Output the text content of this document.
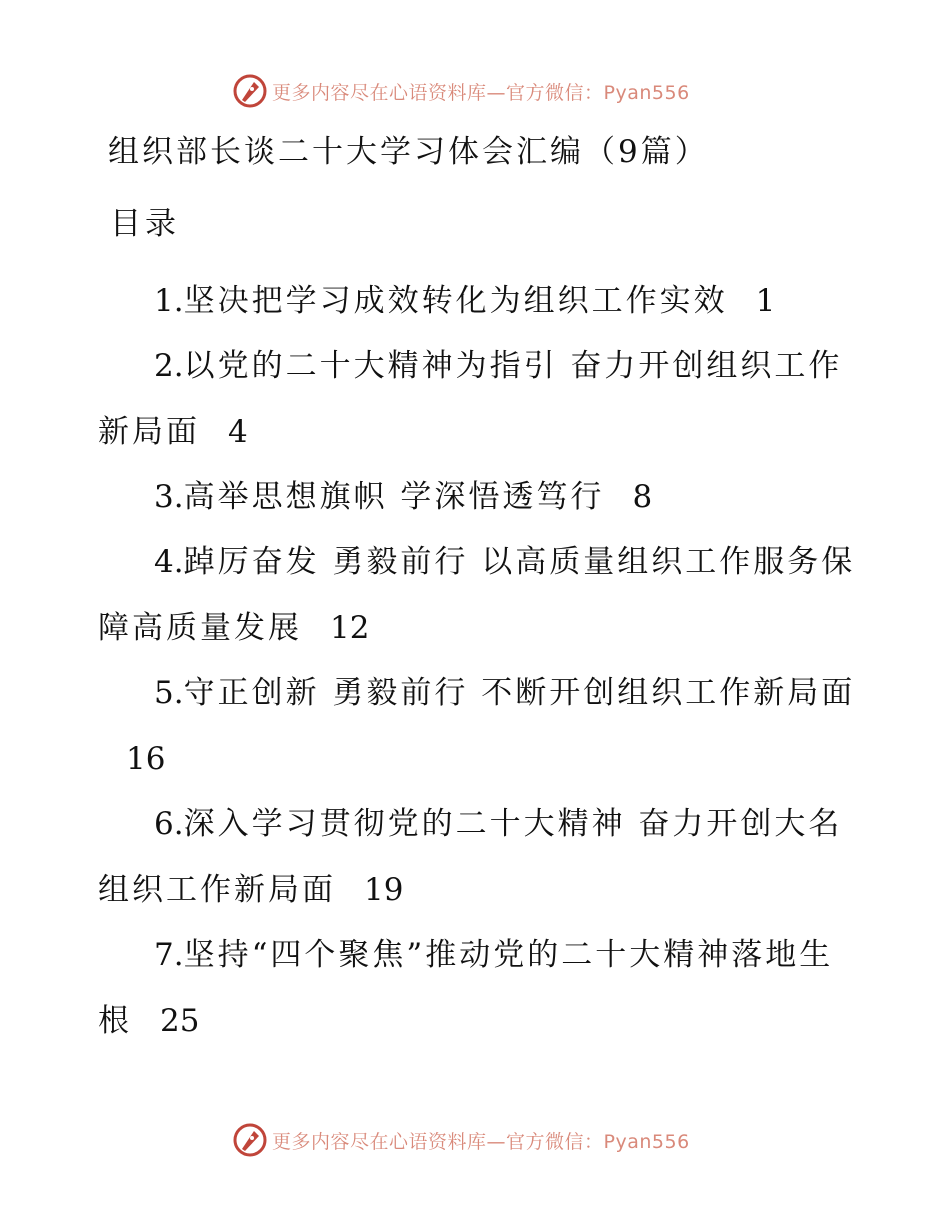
更多内容尽在心语资料库—官方微信：Pyan556
组织部长谈二十大学习体会汇编（9篇）
目录
1.坚决把学习成效转化为组织工作实效 1
2.以党的二十大精神为指引 奋力开创组织工作新局面 4
3.高举思想旗帜 学深悟透笃行 8
4.踔厉奋发 勇毅前行 以高质量组织工作服务保障高质量发展 12
5.守正创新 勇毅前行 不断开创组织工作新局面16
6.深入学习贯彻党的二十大精神 奋力开创大名组织工作新局面 19
7.坚持“四个聚焦”推动党的二十大精神落地生根 25
更多内容尽在心语资料库—官方微信：Pyan556
